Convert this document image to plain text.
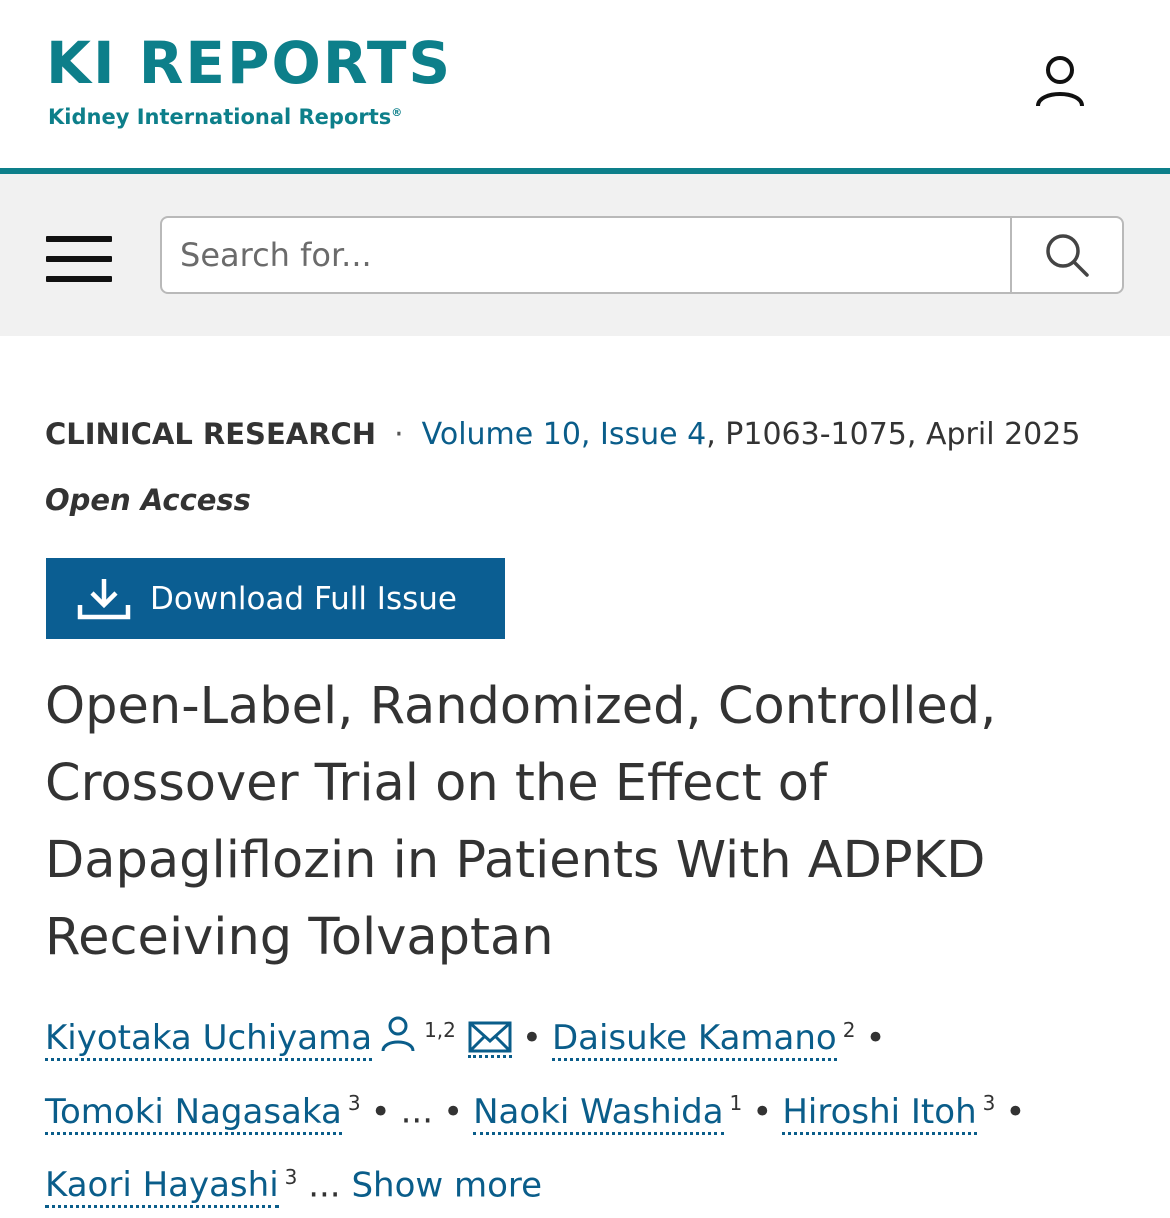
KI REPORTS
Kidney International Reports®
Search for...
CLINICAL RESEARCH · Volume 10, Issue 4, P1063-1075, April 2025
Open Access
Download Full Issue
Open-Label, Randomized, Controlled, Crossover Trial on the Effect of Dapagliflozin in Patients With ADPKD Receiving Tolvaptan
Kiyotaka Uchiyama	$^{1,2}$ • Daisuke Kamano $^2$ •
Tomoki Nagasaka $^3$ • ... • Naoki Washida $^1$ • Hiroshi Itoh $^3$ •
Kaori Hayashi $^3$ ... Show more
